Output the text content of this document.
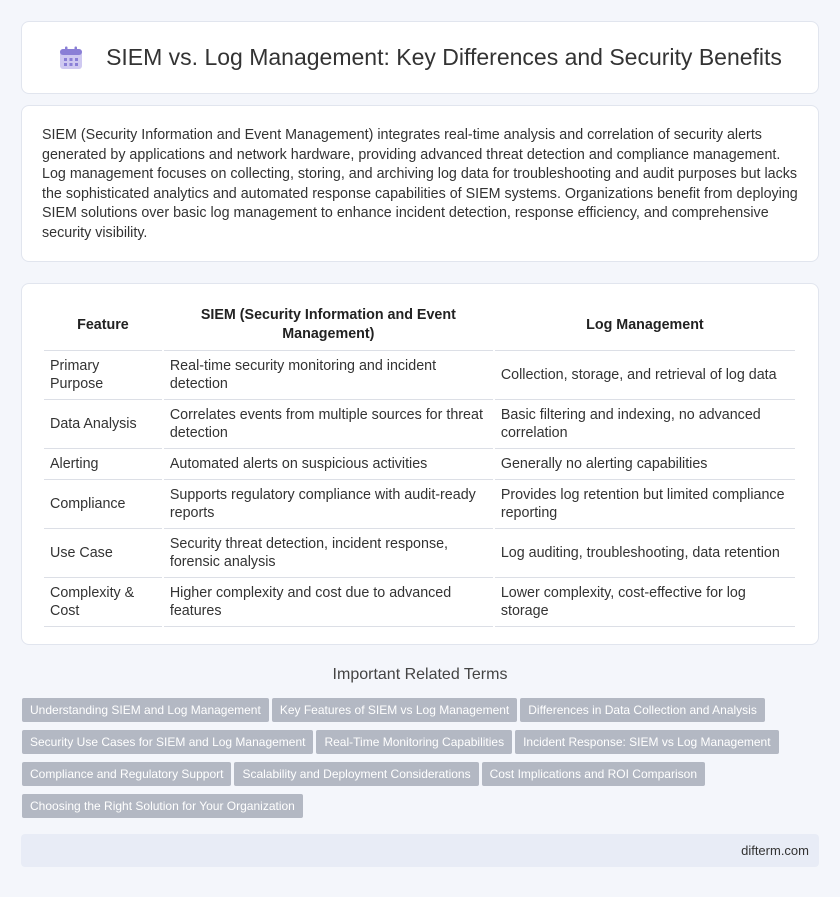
SIEM vs. Log Management: Key Differences and Security Benefits

SIEM (Security Information and Event Management) integrates real-time analysis and correlation of security alerts generated by applications and network hardware, providing advanced threat detection and compliance management. Log management focuses on collecting, storing, and archiving log data for troubleshooting and audit purposes but lacks the sophisticated analytics and automated response capabilities of SIEM systems. Organizations benefit from deploying SIEM solutions over basic log management to enhance incident detection, response efficiency, and comprehensive security visibility.

Feature	SIEM (Security Information and Event Management)	Log Management
Primary Purpose	Real-time security monitoring and incident detection	Collection, storage, and retrieval of log data
Data Analysis	Correlates events from multiple sources for threat detection	Basic filtering and indexing, no advanced correlation
Alerting	Automated alerts on suspicious activities	Generally no alerting capabilities
Compliance	Supports regulatory compliance with audit-ready reports	Provides log retention but limited compliance reporting
Use Case	Security threat detection, incident response, forensic analysis	Log auditing, troubleshooting, data retention
Complexity & Cost	Higher complexity and cost due to advanced features	Lower complexity, cost-effective for log storage
Important Related Terms
Understanding SIEM and Log Management Key Features of SIEM vs Log Management Differences in Data Collection and Analysis
Security Use Cases for SIEM and Log Management Real-Time Monitoring Capabilities Incident Response: SIEM vs Log Management
Compliance and Regulatory Support Scalability and Deployment Considerations Cost Implications and ROI Comparison
Choosing the Right Solution for Your Organization
difterm.com
